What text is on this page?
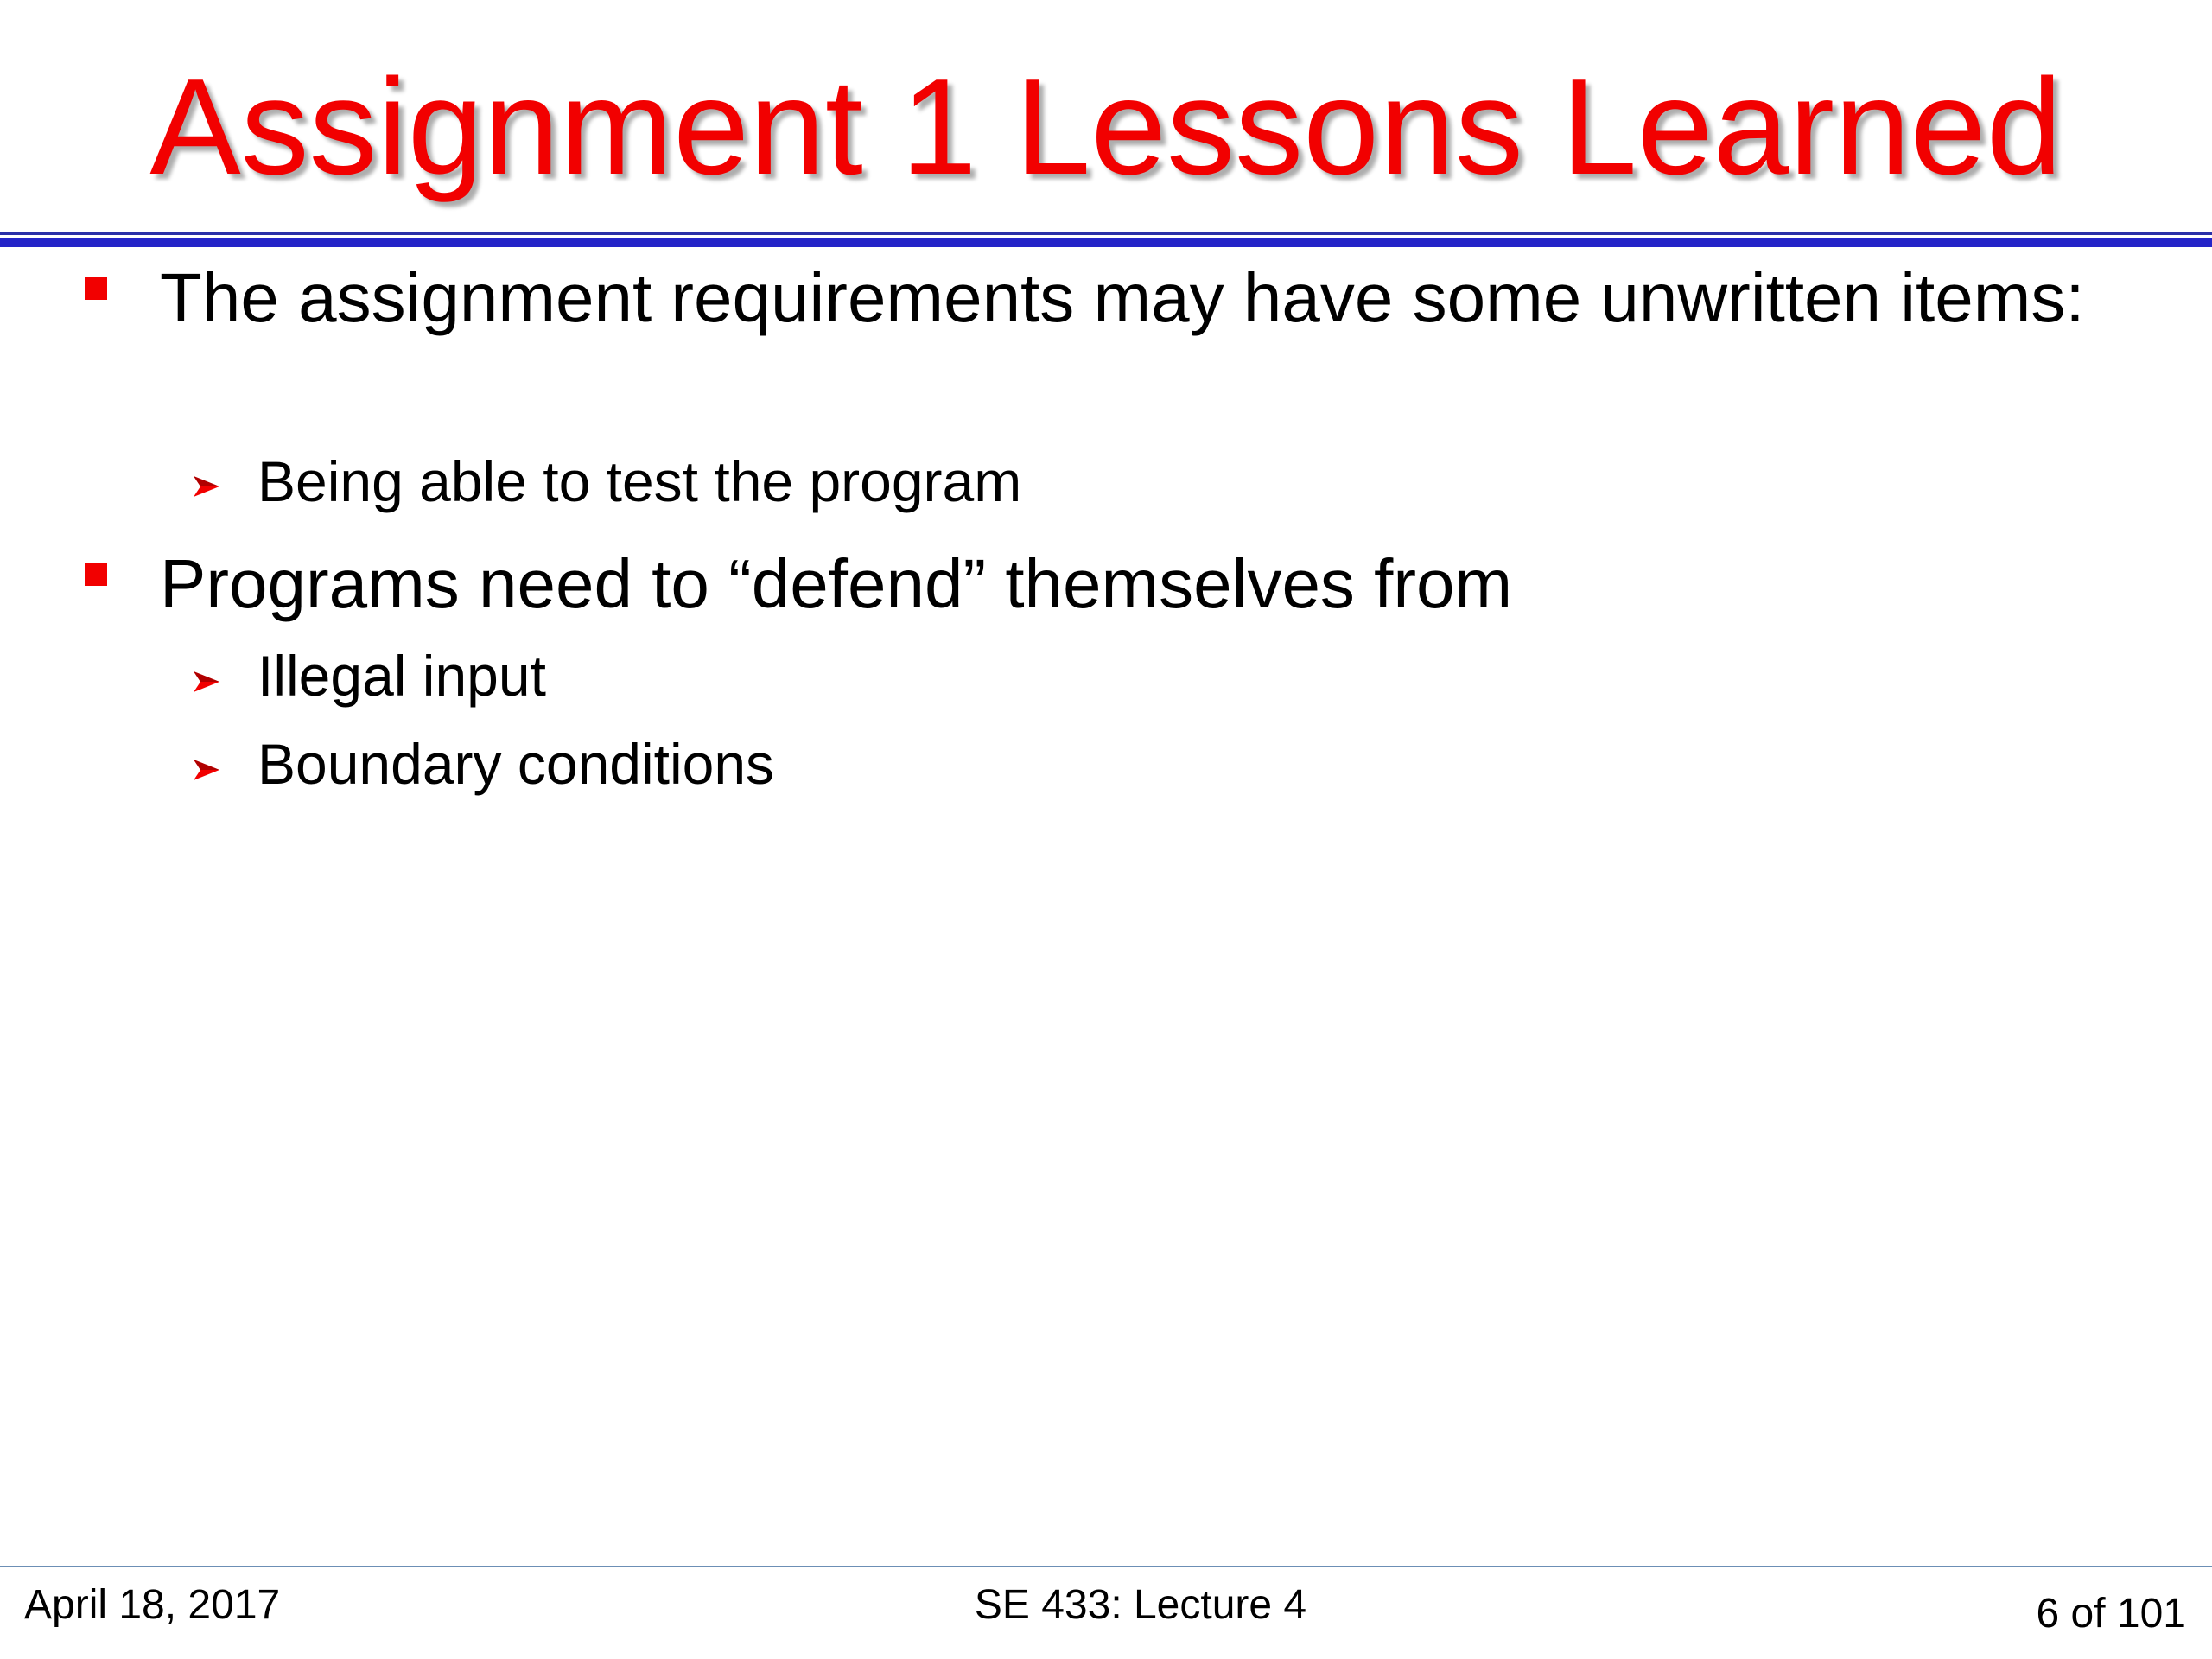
Assignment 1 Lessons Learned
The assignment requirements may have some unwritten items:
Being able to test the program
Programs need to “defend” themselves from
Illegal input
Boundary conditions
April 18, 2017	SE 433: Lecture 4	6 of 101
